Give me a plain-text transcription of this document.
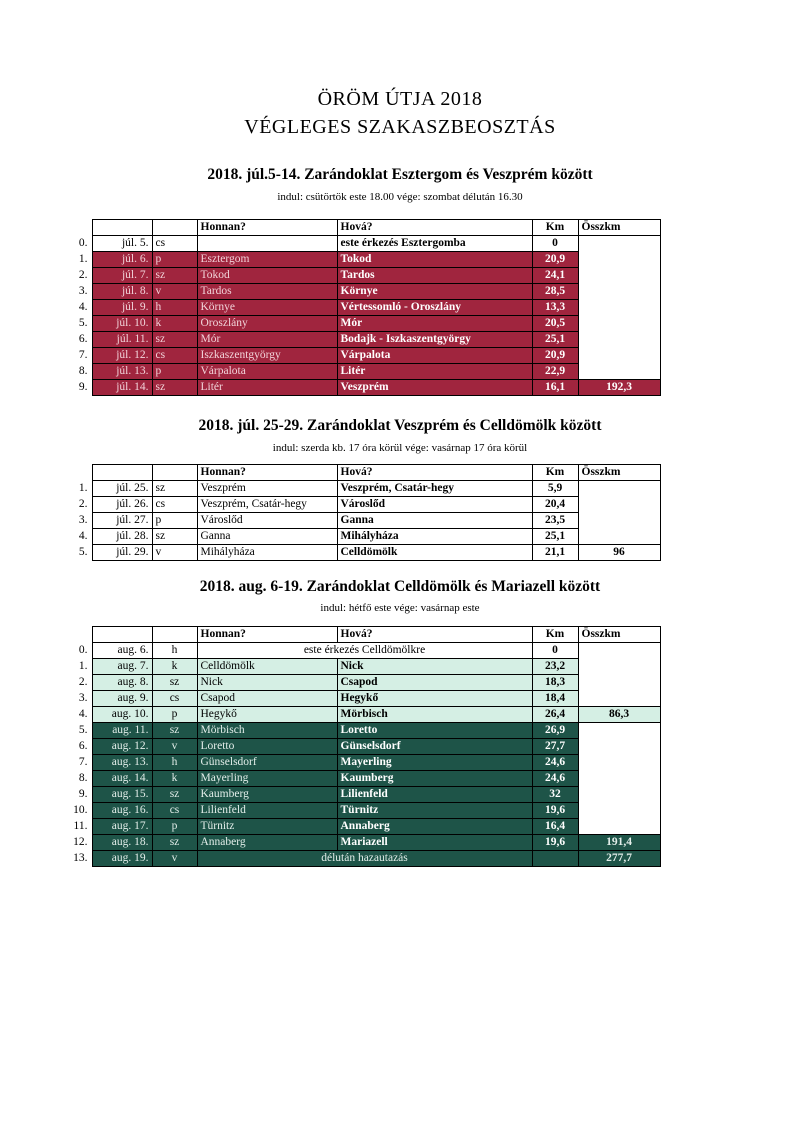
ÖRÖM ÚTJA 2018
VÉGLEGES SZAKASZBEOSZTÁS
2018. júl.5-14. Zarándoklat Esztergom és Veszprém között
indul: csütörtök este 18.00 vége: szombat délután 16.30
			Honnan?	Hová?	Km	Összkm
0.	júl. 5.	cs		este érkezés Esztergomba	0	
1.	júl. 6.	p	Esztergom	Tokod	20,9	
2.	júl. 7.	sz	Tokod	Tardos	24,1	
3.	júl. 8.	v	Tardos	Környe	28,5	
4.	júl. 9.	h	Környe	Vértessomló - Oroszlány	13,3	
5.	júl. 10.	k	Oroszlány	Mór	20,5	
6.	júl. 11.	sz	Mór	Bodajk - Iszkaszentgyörgy	25,1	
7.	júl. 12.	cs	Iszkaszentgyörgy	Várpalota	20,9	
8.	júl. 13.	p	Várpalota	Litér	22,9	
9.	júl. 14.	sz	Litér	Veszprém	16,1	192,3
2018. júl. 25-29. Zarándoklat Veszprém és Celldömölk között
indul: szerda kb. 17 óra körül vége: vasárnap 17 óra körül
			Honnan?	Hová?	Km	Összkm
1.	júl. 25.	sz	Veszprém	Veszprém, Csatár-hegy	5,9	
2.	júl. 26.	cs	Veszprém, Csatár-hegy	Városlőd	20,4	
3.	júl. 27.	p	Városlőd	Ganna	23,5	
4.	júl. 28.	sz	Ganna	Mihályháza	25,1	
5.	júl. 29.	v	Mihályháza	Celldömölk	21,1	96
2018. aug. 6-19. Zarándoklat Celldömölk és Mariazell között
indul: hétfő este vége: vasárnap este
			Honnan?	Hová?	Km	Összkm
0.	aug. 6.	h	este érkezés Celldömölkre		0	
1.	aug. 7.	k	Celldömölk	Nick	23,2	
2.	aug. 8.	sz	Nick	Csapod	18,3	
3.	aug. 9.	cs	Csapod	Hegykő	18,4	
4.	aug. 10.	p	Hegykő	Mörbisch	26,4	86,3
5.	aug. 11.	sz	Mörbisch	Loretto	26,9	
6.	aug. 12.	v	Loretto	Günselsdorf	27,7	
7.	aug. 13.	h	Günselsdorf	Mayerling	24,6	
8.	aug. 14.	k	Mayerling	Kaumberg	24,6	
9.	aug. 15.	sz	Kaumberg	Lilienfeld	32	
10.	aug. 16.	cs	Lilienfeld	Türnitz	19,6	
11.	aug. 17.	p	Türnitz	Annaberg	16,4	
12.	aug. 18.	sz	Annaberg	Mariazell	19,6	191,4
13.	aug. 19.	v	délután hazautazás			277,7
